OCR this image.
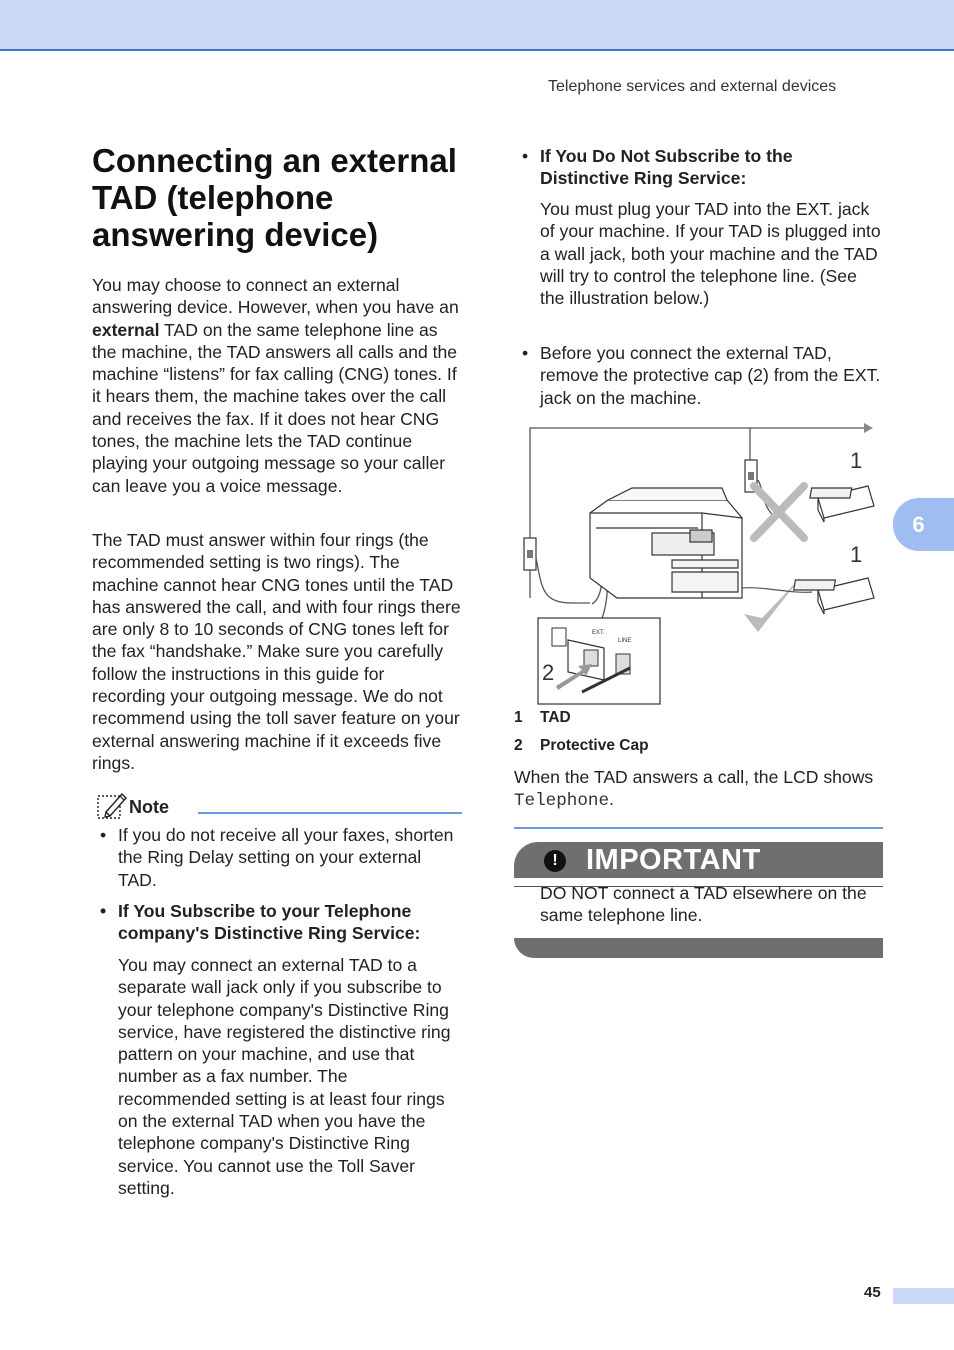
Telephone services and external devices
6
Connecting an external TAD (telephone answering device)

You may choose to connect an external answering device. However, when you have an external TAD on the same telephone line as the machine, the TAD answers all calls and the machine “listens” for fax calling (CNG) tones. If it hears them, the machine takes over the call and receives the fax. If it does not hear CNG tones, the machine lets the TAD continue playing your outgoing message so your caller can leave you a voice message.

The TAD must answer within four rings (the recommended setting is two rings). The machine cannot hear CNG tones until the TAD has answered the call, and with four rings there are only 8 to 10 seconds of CNG tones left for the fax “handshake.” Make sure you carefully follow the instructions in this guide for recording your outgoing message. We do not recommend using the toll saver feature on your external answering machine if it exceeds five rings.

Note
• If you do not receive all your faxes, shorten the Ring Delay setting on your external TAD.
• If You Subscribe to your Telephone company's Distinctive Ring Service:

You may connect an external TAD to a separate wall jack only if you subscribe to your telephone company's Distinctive Ring service, have registered the distinctive ring pattern on your machine, and use that number as a fax number. The recommended setting is at least four rings on the external TAD when you have the telephone company's Distinctive Ring service. You cannot use the Toll Saver setting.

• If You Do Not Subscribe to the Distinctive Ring Service:

You must plug your TAD into the EXT. jack of your machine. If your TAD is plugged into a wall jack, both your machine and the TAD will try to control the telephone line. (See the illustration below.)

• Before you connect the external TAD, remove the protective cap (2) from the EXT. jack on the machine.
1
1
EXT.
LINE
2
1 TAD
2 Protective Cap

When the TAD answers a call, the LCD shows Telephone.

! IMPORTANT

DO NOT connect a TAD elsewhere on the same telephone line.

45
